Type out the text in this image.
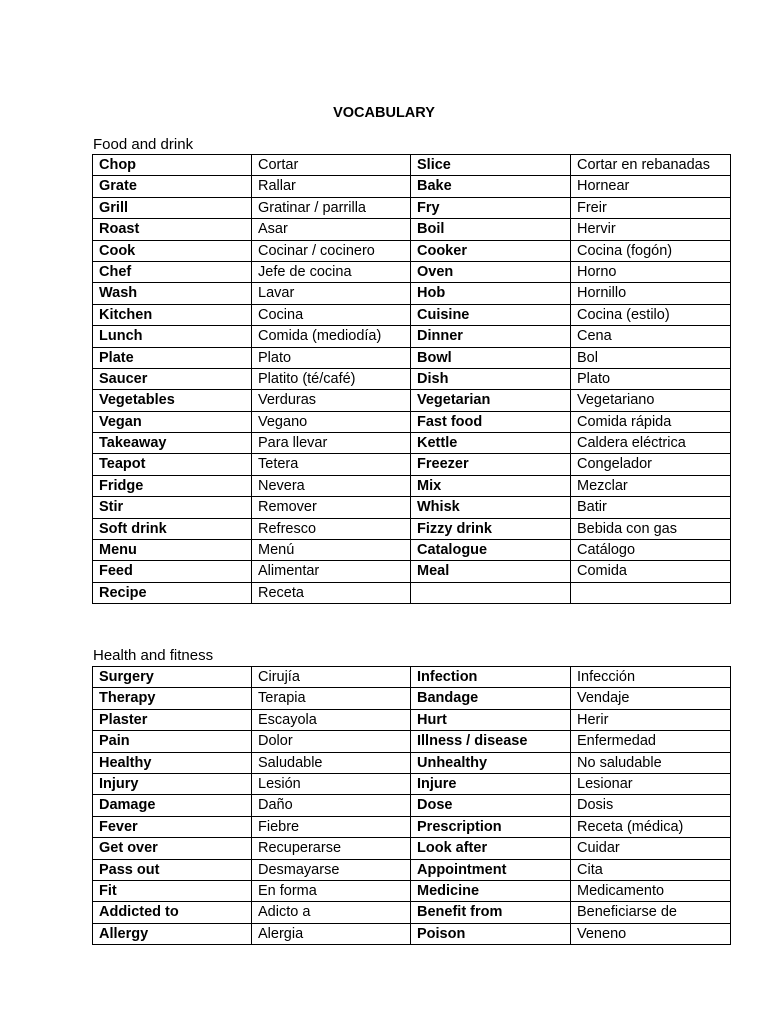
VOCABULARY
Food and drink
Chop	Cortar	Slice	Cortar en rebanadas
Grate	Rallar	Bake	Hornear
Grill	Gratinar / parrilla	Fry	Freir
Roast	Asar	Boil	Hervir
Cook	Cocinar / cocinero	Cooker	Cocina (fogón)
Chef	Jefe de cocina	Oven	Horno
Wash	Lavar	Hob	Hornillo
Kitchen	Cocina	Cuisine	Cocina (estilo)
Lunch	Comida (mediodía)	Dinner	Cena
Plate	Plato	Bowl	Bol
Saucer	Platito (té/café)	Dish	Plato
Vegetables	Verduras	Vegetarian	Vegetariano
Vegan	Vegano	Fast food	Comida rápida
Takeaway	Para llevar	Kettle	Caldera eléctrica
Teapot	Tetera	Freezer	Congelador
Fridge	Nevera	Mix	Mezclar
Stir	Remover	Whisk	Batir
Soft drink	Refresco	Fizzy drink	Bebida con gas
Menu	Menú	Catalogue	Catálogo
Feed	Alimentar	Meal	Comida
Recipe	Receta		
Health and fitness
Surgery	Cirujía	Infection	Infección
Therapy	Terapia	Bandage	Vendaje
Plaster	Escayola	Hurt	Herir
Pain	Dolor	Illness / disease	Enfermedad
Healthy	Saludable	Unhealthy	No saludable
Injury	Lesión	Injure	Lesionar
Damage	Daño	Dose	Dosis
Fever	Fiebre	Prescription	Receta (médica)
Get over	Recuperarse	Look after	Cuidar
Pass out	Desmayarse	Appointment	Cita
Fit	En forma	Medicine	Medicamento
Addicted to	Adicto a	Benefit from	Beneficiarse de
Allergy	Alergia	Poison	Veneno
